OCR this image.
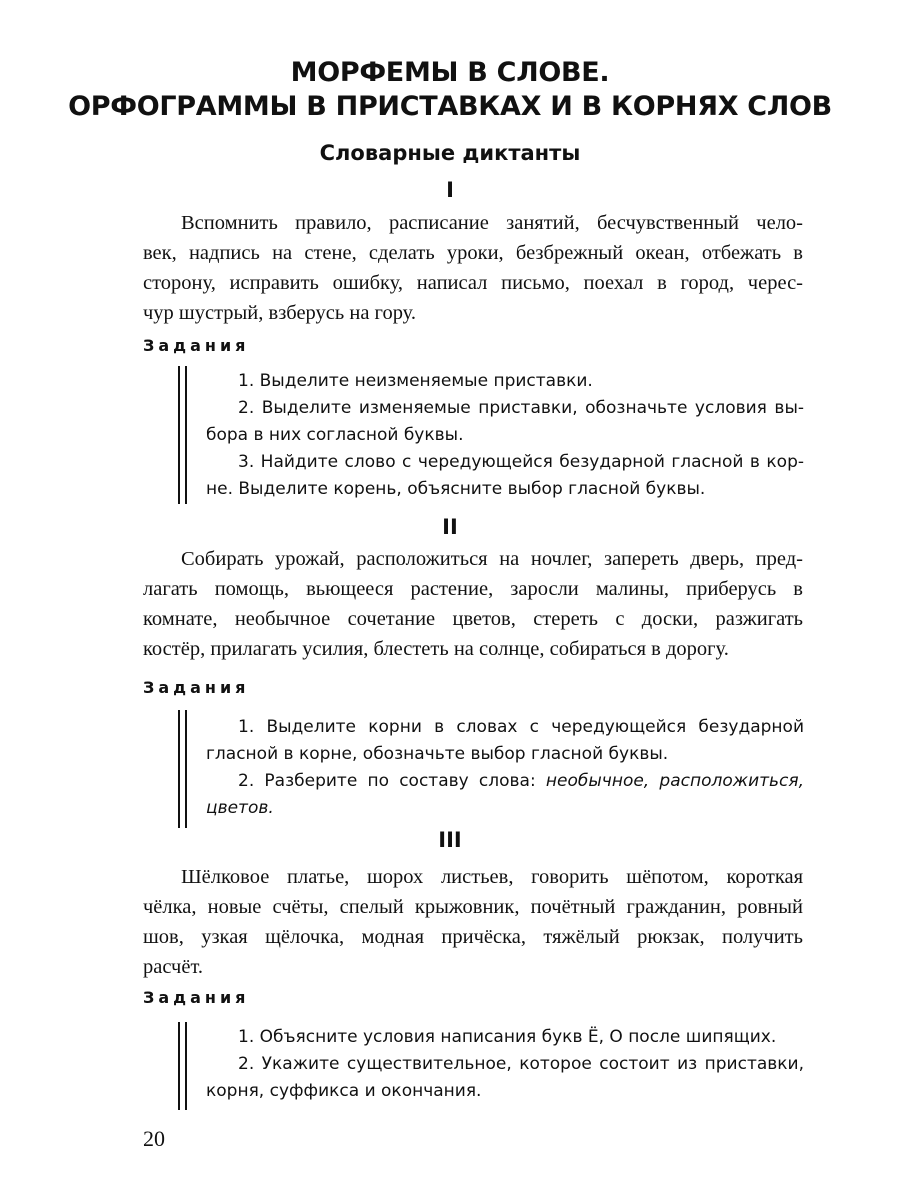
МОРФЕМЫ В СЛОВЕ.
ОРФОГРАММЫ В ПРИСТАВКАХ И В КОРНЯХ СЛОВ
Словарные диктанты
I
Вспомнить правило, расписание занятий, бесчувственный чело-
век, надпись на стене, сделать уроки, безбрежный океан, отбежать в
сторону, исправить ошибку, написал письмо, поехал в город, черес-
чур шустрый, взберусь на гору.
Задания
1. Выделите неизменяемые приставки.
2. Выделите изменяемые приставки, обозначьте условия вы-
бора в них согласной буквы.
3. Найдите слово с чередующейся безударной гласной в кор-
не. Выделите корень, объясните выбор гласной буквы.
II
Собирать урожай, расположиться на ночлег, запереть дверь, пред-
лагать помощь, вьющееся растение, заросли малины, приберусь в
комнате, необычное сочетание цветов, стереть с доски, разжигать
костёр, прилагать усилия, блестеть на солнце, собираться в дорогу.
Задания
1. Выделите корни в словах с чередующейся безударной
гласной в корне, обозначьте выбор гласной буквы.
2. Разберите по составу слова: необычное, расположиться,
цветов.
III
Шёлковое платье, шорох листьев, говорить шёпотом, короткая
чёлка, новые счёты, спелый крыжовник, почётный гражданин, ровный
шов, узкая щёлочка, модная причёска, тяжёлый рюкзак, получить
расчёт.
Задания
1. Объясните условия написания букв Ё, О после шипящих.
2. Укажите существительное, которое состоит из приставки,
корня, суффикса и окончания.
20
